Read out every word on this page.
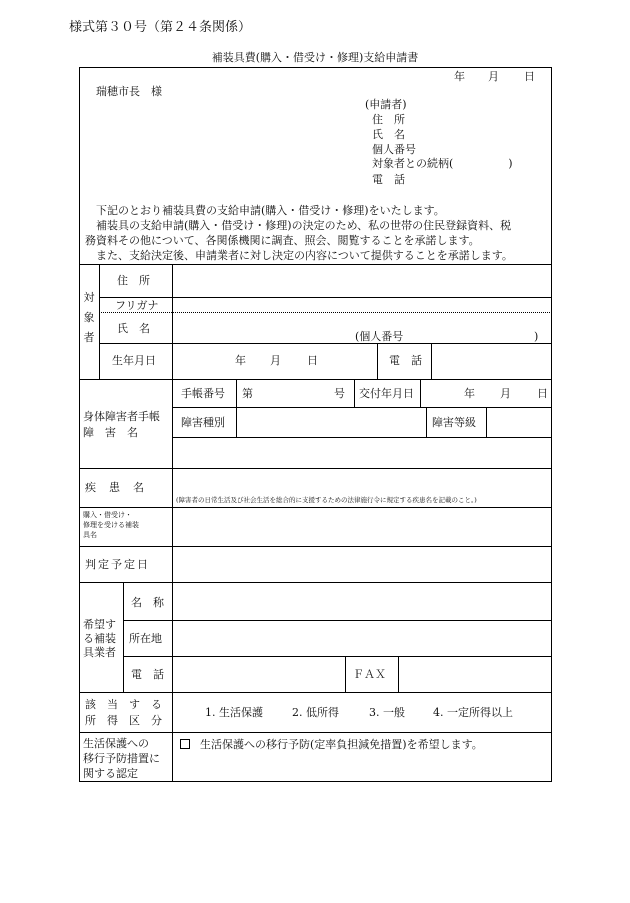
様式第３０号（第２４条関係）
補装具費(購入・借受け・修理)支給申請書
年 月 日
瑞穂市長　様
(申請者)
住　所
氏　名
個人番号
対象者との続柄(　　　　　)
電　話
下記のとおり補装具費の支給申請(購入・借受け・修理)をいたします。
補装具の支給申請(購入・借受け・修理)の決定のため、私の世帯の住民登録資料、税
務資料その他について、各関係機関に調査、照会、閲覧することを承諾します。
また、支給決定後、申請業者に対し決定の内容について提供することを承諾します。
対象者
住　所
フリガナ
氏　名
(個人番号	)
生年月日	年 月 日	電　話
身体障害者手帳
障　害　名
手帳番号 第	号 交付年月日	年 月 日
障害種別	障害等級
疾　患　名
(障害者の日常生活及び社会生活を総合的に支援するための法律施行令に規定する疾患名を記載のこと。)
購入・借受け・
修理を受ける補装
具名
判定予定日
希望す
る補装
具業者
名　称
所在地
電　話	ＦＡＸ
該　当　す　る
所　得　区　分
1. 生活保護	2. 低所得	3. 一般	4. 一定所得以上
生活保護への
移行予防措置に
関する認定
生活保護への移行予防(定率負担減免措置)を希望します。
